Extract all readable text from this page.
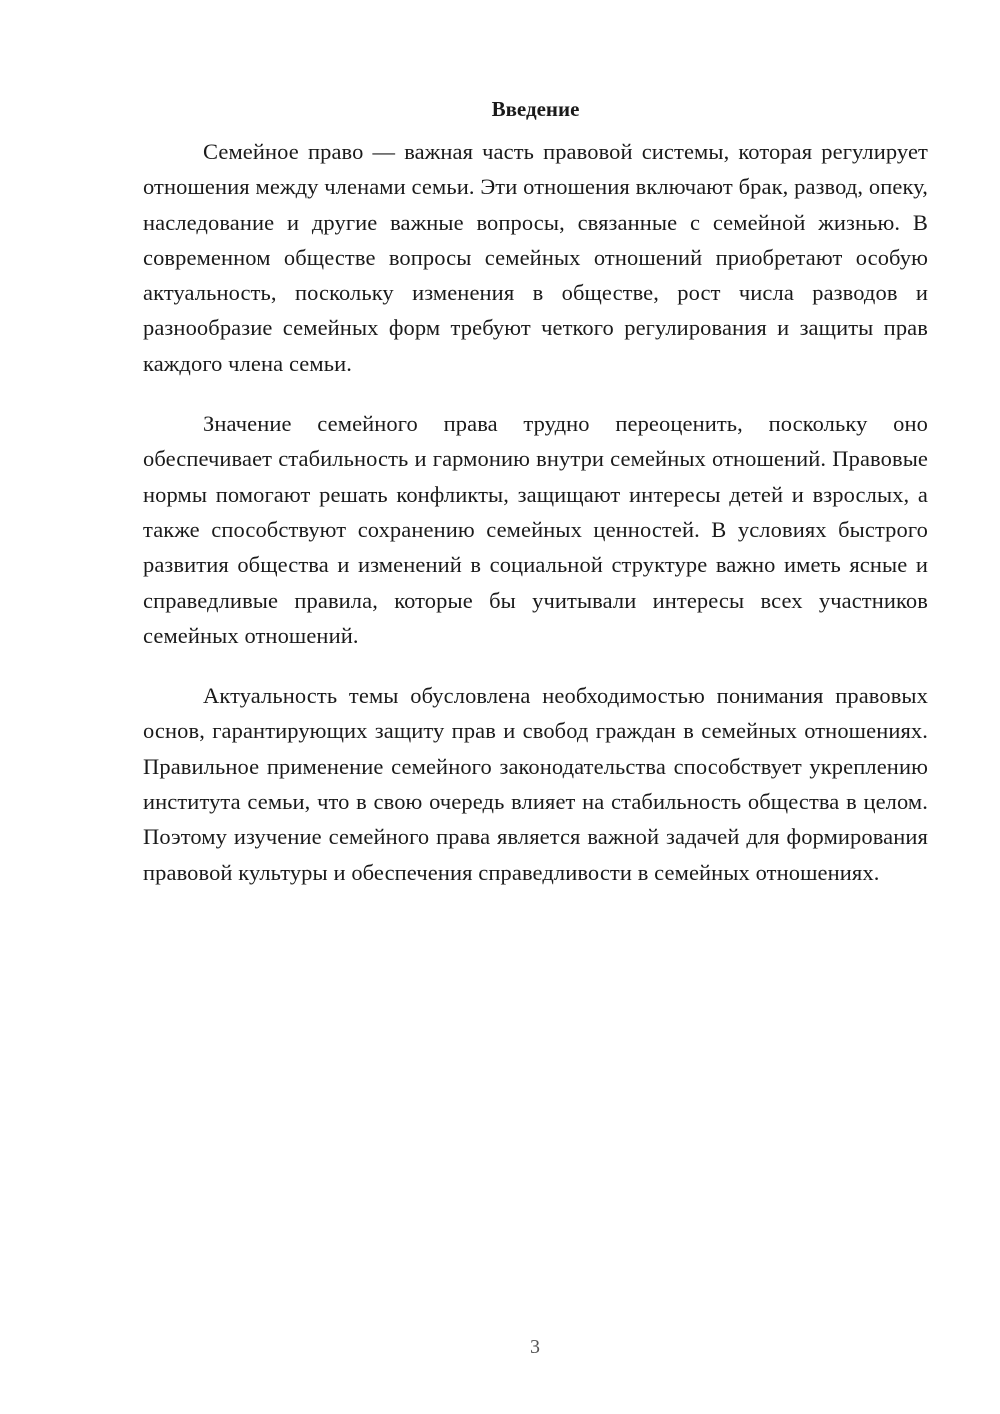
Введение

Семейное право — важная часть правовой системы, которая регулирует отношения между членами семьи. Эти отношения включают брак, развод, опеку, наследование и другие важные вопросы, связанные с семейной жизнью. В современном обществе вопросы семейных отношений приобретают особую актуальность, поскольку изменения в обществе, рост числа разводов и разнообразие семейных форм требуют четкого регулирования и защиты прав каждого члена семьи.

Значение семейного права трудно переоценить, поскольку оно обеспечивает стабильность и гармонию внутри семейных отношений. Правовые нормы помогают решать конфликты, защищают интересы детей и взрослых, а также способствуют сохранению семейных ценностей. В условиях быстрого развития общества и изменений в социальной структуре важно иметь ясные и справедливые правила, которые бы учитывали интересы всех участников семейных отношений.

Актуальность темы обусловлена необходимостью понимания правовых основ, гарантирующих защиту прав и свобод граждан в семейных отношениях. Правильное применение семейного законодательства способствует укреплению института семьи, что в свою очередь влияет на стабильность общества в целом. Поэтому изучение семейного права является важной задачей для формирования правовой культуры и обеспечения справедливости в семейных отношениях.

3
